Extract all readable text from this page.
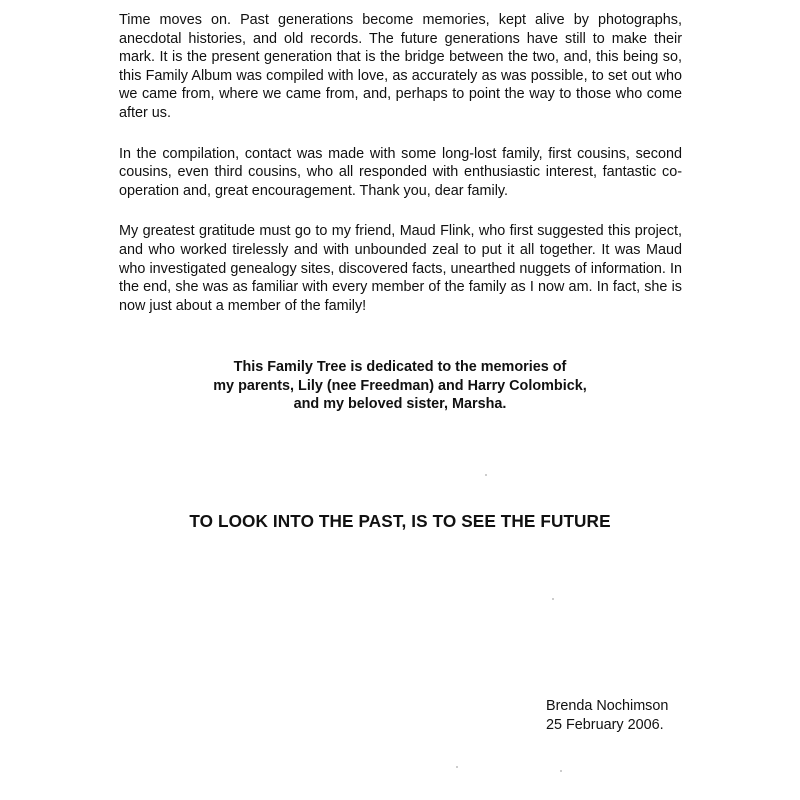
Time moves on. Past generations become memories, kept alive by photographs, anecdotal histories, and old records. The future generations have still to make their mark. It is the present generation that is the bridge between the two, and, this being so, this Family Album was compiled with love, as accurately as was possible, to set out who we came from, where we came from, and, perhaps to point the way to those who come after us.

In the compilation, contact was made with some long-lost family, first cousins, second cousins, even third cousins, who all responded with enthusiastic interest, fantastic co-operation and, great encouragement. Thank you, dear family.

My greatest gratitude must go to my friend, Maud Flink, who first suggested this project, and who worked tirelessly and with unbounded zeal to put it all together. It was Maud who investigated genealogy sites, discovered facts, unearthed nuggets of information. In the end, she was as familiar with every member of the family as I now am. In fact, she is now just about a member of the family!

This Family Tree is dedicated to the memories of
my parents, Lily (nee Freedman) and Harry Colombick,
and my beloved sister, Marsha.
TO LOOK INTO THE PAST, IS TO SEE THE FUTURE
Brenda Nochimson
25 February 2006.
